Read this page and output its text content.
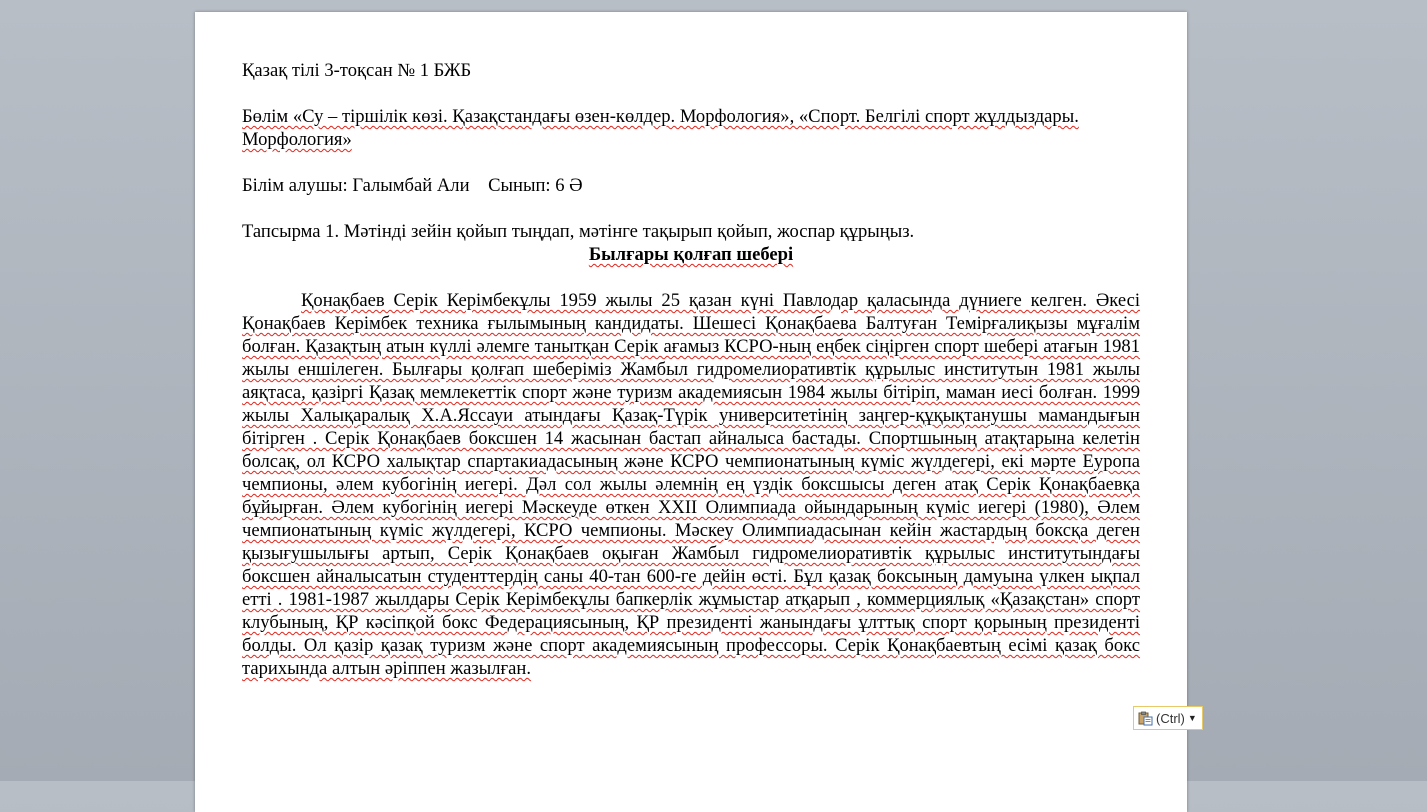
Қазақ тілі 3-тоқсан № 1 БЖБ

Бөлім «Су – тіршілік көзі. Қазақстандағы өзен-көлдер. Морфология», «Спорт. Белгілі спорт жұлдыздары. Морфология»

Білім алушы: Галымбай Али    Сынып: 6 Ә

Тапсырма 1. Мәтінді зейін қойып тыңдап, мәтінге тақырып қойып, жоспар құрыңыз.

Былғары қолғап шебері

Қонақбаев Серік Керімбекұлы 1959 жылы 25 қазан күні Павлодар қаласында дүниеге келген. Әкесі Қонақбаев Керімбек техника ғылымының кандидаты. Шешесі Қонақбаева Балтуған Темірғалиқызы мұғалім болған. Қазақтың атын күллі әлемге танытқан Серік ағамыз КСРО-ның еңбек сіңірген спорт шебері атағын 1981 жылы еншілеген. Былғары қолғап шеберіміз Жамбыл гидромелиоративтік құрылыс институтын 1981 жылы аяқтаса, қазіргі Қазақ мемлекеттік спорт және туризм академиясын 1984 жылы бітіріп, маман иесі болған. 1999 жылы Халықаралық Х.А.Яссауи атындағы Қазақ-Түрік университетінің заңгер-құқықтанушы мамандығын бітірген . Серік Қонақбаев боксшен 14 жасынан бастап айналыса бастады. Спортшының атақтарына келетін болсақ, ол КСРО халықтар спартакиадасының және КСРО чемпионатының күміс жүлдегері, екі мәрте Еуропа чемпионы, әлем кубогінің иегері. Дәл сол жылы әлемнің ең үздік боксшысы деген атақ Серік Қонақбаевқа бұйырған. Әлем кубогінің иегері Мәскеуде өткен XXII Олимпиада ойындарының күміс иегері (1980), Әлем чемпионатының күміс жүлдегері, КСРО чемпионы. Мәскеу Олимпиадасынан кейін жастардың боксқа деген қызығушылығы артып, Серік Қонақбаев оқыған Жамбыл гидромелиоративтік құрылыс институтындағы боксшен айналысатын студенттердің саны 40-тан 600-ге дейін өсті. Бұл қазақ боксының дамуына үлкен ықпал етті . 1981-1987 жылдары Серік Керімбекұлы бапкерлік жұмыстар атқарып , коммерциялық «Қазақстан» спорт клубының, ҚР кәсіпқой бокс Федерациясының, ҚР президенті жанындағы ұлттық спорт қорының президенті болды. Ол қазір қазақ туризм және спорт академиясының профессоры. Серік Қонақбаевтың есімі қазақ бокс тарихында алтын әріппен жазылған.

(Ctrl) ▼
